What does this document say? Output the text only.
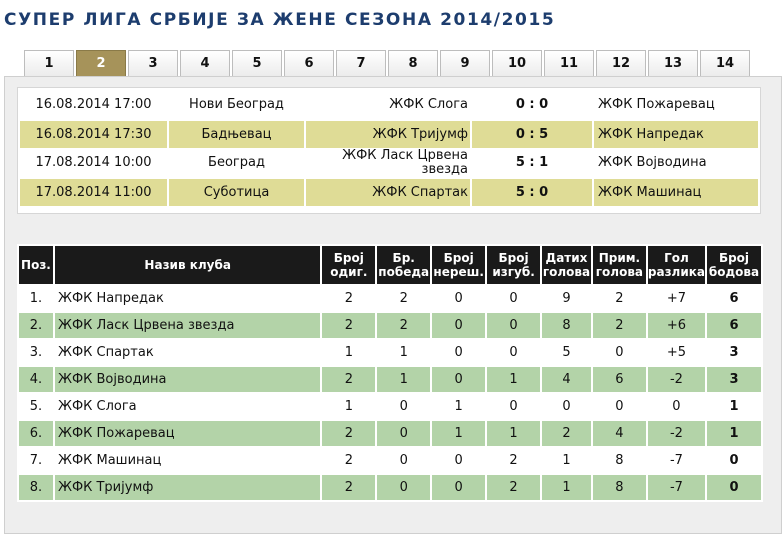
СУПЕР ЛИГА СРБИЈЕ ЗА ЖЕНЕ СЕЗОНА 2014/2015
1	2	3	4	5	6	7	8	9	10	11	12	13	14
16.08.2014 17:00	Нови Београд	ЖФК Слога	0 : 0	ЖФК Пожаревац
16.08.2014 17:30	Бадњевац	ЖФК Тријумф	0 : 5	ЖФК Напредак
17.08.2014 10:00	Београд	ЖФК Ласк Црвена звезда	5 : 1	ЖФК Војводина
17.08.2014 11:00	Суботица	ЖФК Спартак	5 : 0	ЖФК Машинац
Поз.	Назив клуба	Број одиг.	Бр. победа	Број нереш.	Број изгуб.	Датих голова	Прим. голова	Гол разлика	Број бодова
1.	ЖФК Напредак	2	2	0	0	9	2	+7	6
2.	ЖФК Ласк Црвена звезда	2	2	0	0	8	2	+6	6
3.	ЖФК Спартак	1	1	0	0	5	0	+5	3
4.	ЖФК Војводина	2	1	0	1	4	6	-2	3
5.	ЖФК Слога	1	0	1	0	0	0	0	1
6.	ЖФК Пожаревац	2	0	1	1	2	4	-2	1
7.	ЖФК Машинац	2	0	0	2	1	8	-7	0
8.	ЖФК Тријумф	2	0	0	2	1	8	-7	0
